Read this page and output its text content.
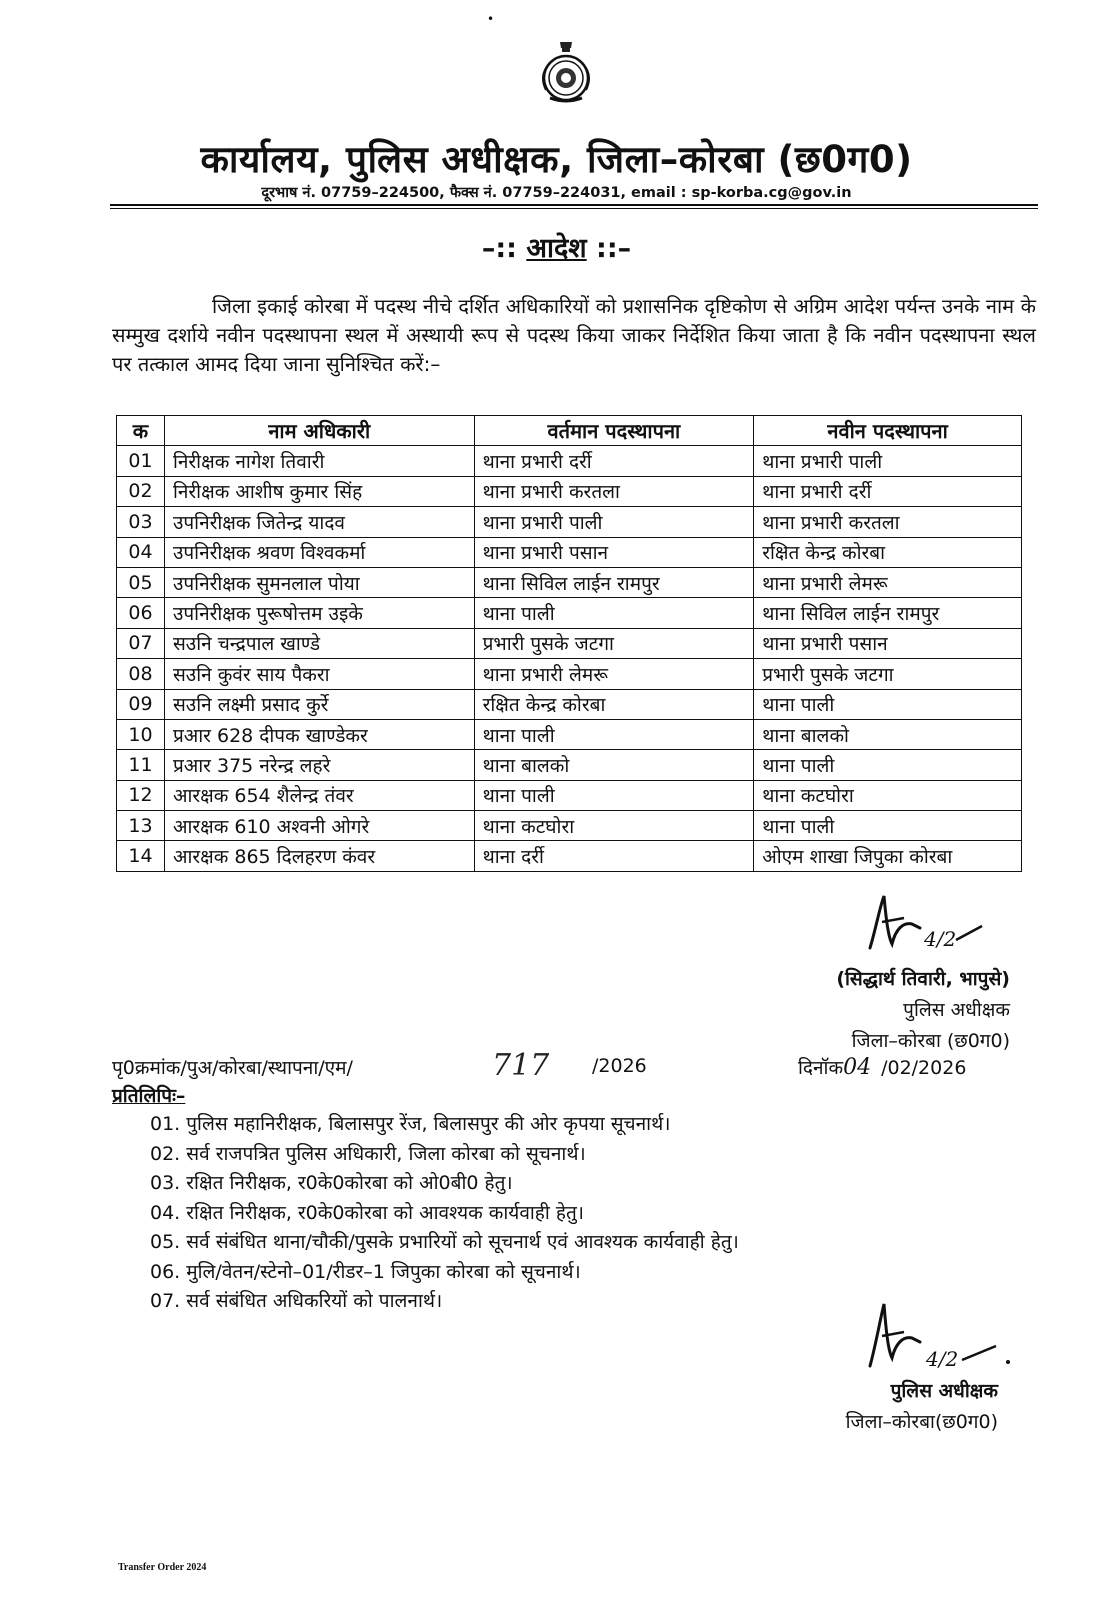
•
कार्यालय, पुलिस अधीक्षक, जिला–कोरबा (छ0ग0)
दूरभाष नं. 07759–224500, फैक्स नं. 07759–224031, email : sp-korba.cg@gov.in
–:: आदेश ::–
जिला इकाई कोरबा में पदस्थ नीचे दर्शित अधिकारियों को प्रशासनिक दृष्टिकोण से अग्रिम आदेश पर्यन्त उनके नाम के सम्मुख दर्शाये नवीन पदस्थापना स्थल में अस्थायी रूप से पदस्थ किया जाकर निर्देशित किया जाता है कि नवीन पदस्थापना स्थल पर तत्काल आमद दिया जाना सुनिश्चित करें:–
क	नाम अधिकारी	वर्तमान पदस्थापना	नवीन पदस्थापना
01	निरीक्षक नागेश तिवारी	थाना प्रभारी दर्री	थाना प्रभारी पाली
02	निरीक्षक आशीष कुमार सिंह	थाना प्रभारी करतला	थाना प्रभारी दर्री
03	उपनिरीक्षक जितेन्द्र यादव	थाना प्रभारी पाली	थाना प्रभारी करतला
04	उपनिरीक्षक श्रवण विश्वकर्मा	थाना प्रभारी पसान	रक्षित केन्द्र कोरबा
05	उपनिरीक्षक सुमनलाल पोया	थाना सिविल लाईन रामपुर	थाना प्रभारी लेमरू
06	उपनिरीक्षक पुरूषोत्तम उइके	थाना पाली	थाना सिविल लाईन रामपुर
07	सउनि चन्द्रपाल खाण्डे	प्रभारी पुसके जटगा	थाना प्रभारी पसान
08	सउनि कुवंर साय पैकरा	थाना प्रभारी लेमरू	प्रभारी पुसके जटगा
09	सउनि लक्ष्मी प्रसाद कुर्रे	रक्षित केन्द्र कोरबा	थाना पाली
10	प्रआर 628 दीपक खाण्डेकर	थाना पाली	थाना बालको
11	प्रआर 375 नरेन्द्र लहरे	थाना बालको	थाना पाली
12	आरक्षक 654 शैलेन्द्र तंवर	थाना पाली	थाना कटघोरा
13	आरक्षक 610 अश्वनी ओगरे	थाना कटघोरा	थाना पाली
14	आरक्षक 865 दिलहरण कंवर	थाना दर्री	ओएम शाखा जिपुका कोरबा
4/2
(सिद्धार्थ तिवारी, भापुसे)
पुलिस अधीक्षक
जिला–कोरबा (छ0ग0)
पृ0क्रमांक/पुअ/कोरबा/स्थापना/एम/	717 /2026	दिनॉक04 /02/2026
प्रतिलिपिः–
01. पुलिस महानिरीक्षक, बिलासपुर रेंज, बिलासपुर की ओर कृपया सूचनार्थ।
02. सर्व राजपत्रित पुलिस अधिकारी, जिला कोरबा को सूचनार्थ।
03. रक्षित निरीक्षक, र0के0कोरबा को ओ0बी0 हेतु।
04. रक्षित निरीक्षक, र0के0कोरबा को आवश्यक कार्यवाही हेतु।
05. सर्व संबंधित थाना/चौकी/पुसके प्रभारियों को सूचनार्थ एवं आवश्यक कार्यवाही हेतु।
06. मुलि/वेतन/स्टेनो–01/रीडर–1 जिपुका कोरबा को सूचनार्थ।
07. सर्व संबंधित अधिकरियों को पालनार्थ।
4/2
पुलिस अधीक्षक
जिला–कोरबा(छ0ग0)
Transfer Order 2024
